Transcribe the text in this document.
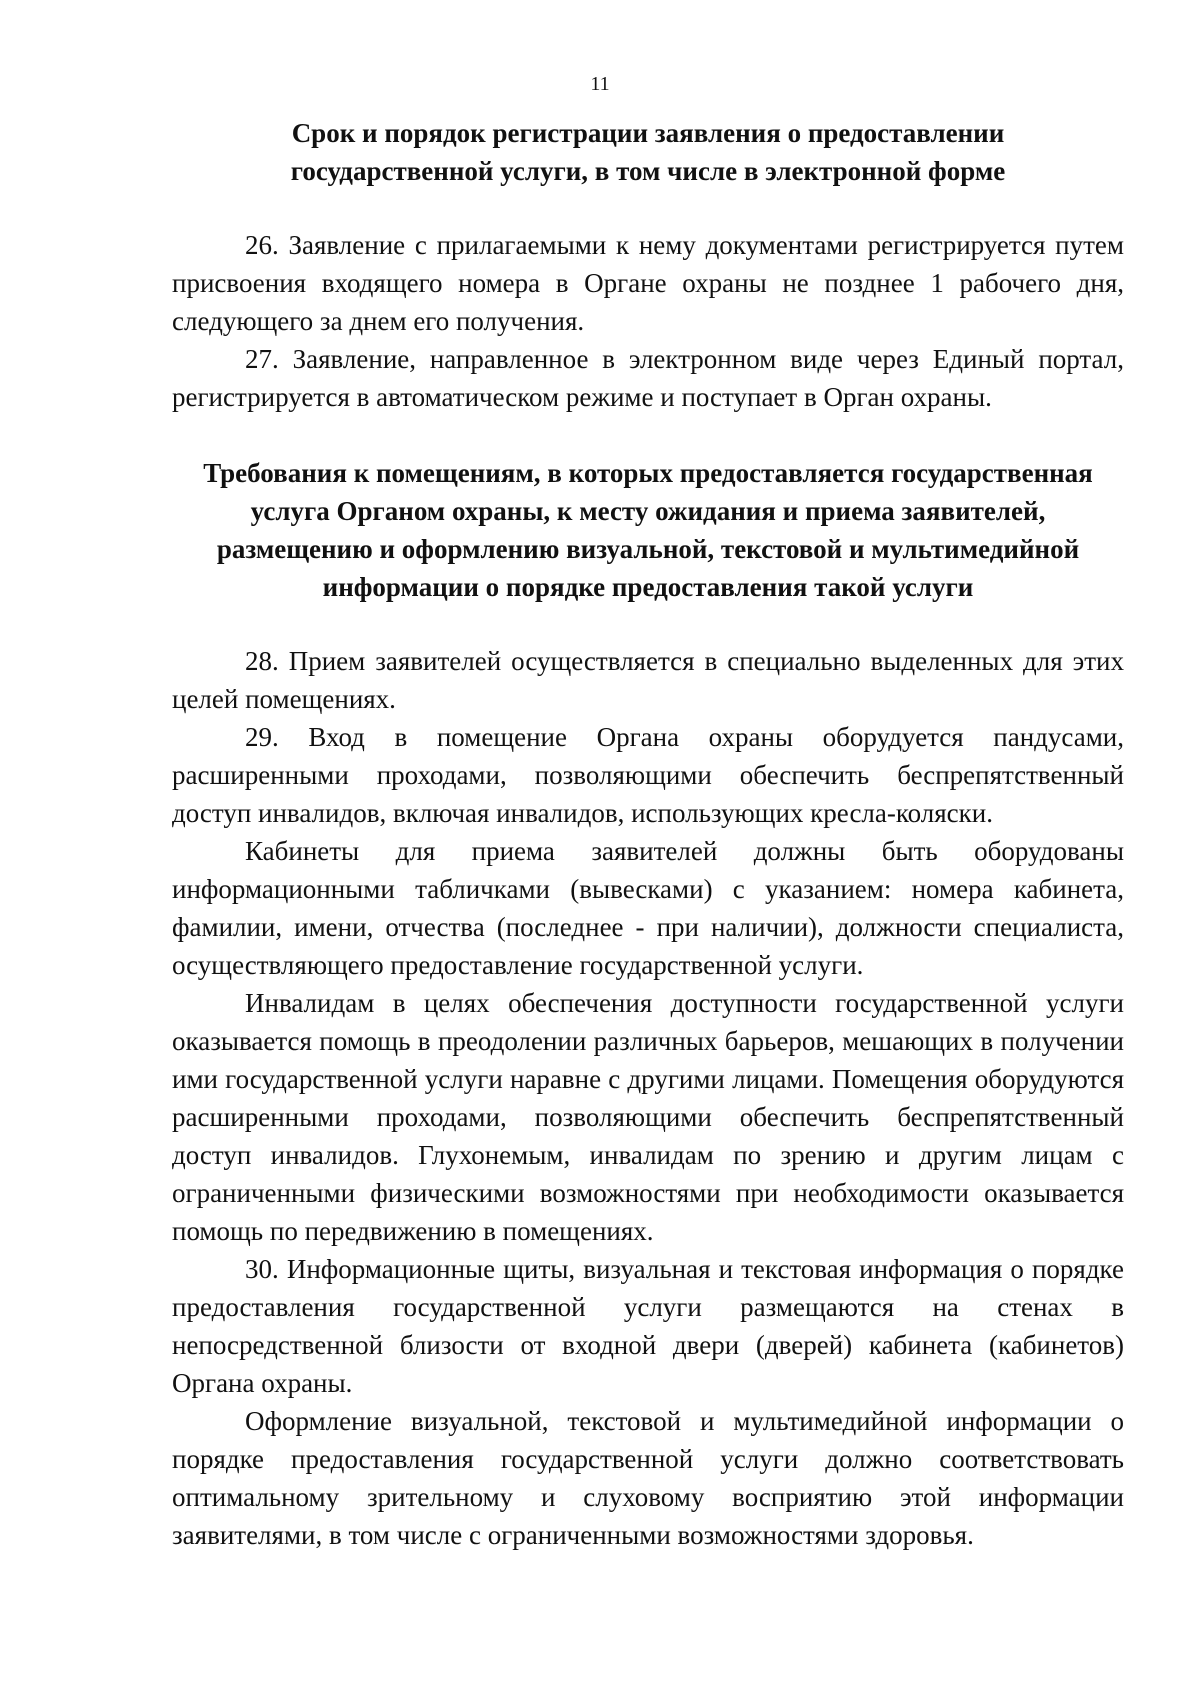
11
Срок и порядок регистрации заявления о предоставлении
государственной услуги, в том числе в электронной форме

26. Заявление с прилагаемыми к нему документами регистрируется путем присвоения входящего номера в Органе охраны не позднее 1 рабочего дня, следующего за днем его получения.

27. Заявление, направленное в электронном виде через Единый портал, регистрируется в автоматическом режиме и поступает в Орган охраны.

Требования к помещениям, в которых предоставляется государственная
услуга Органом охраны, к месту ожидания и приема заявителей,
размещению и оформлению визуальной, текстовой и мультимедийной
информации о порядке предоставления такой услуги

28. Прием заявителей осуществляется в специально выделенных для этих целей помещениях.

29. Вход в помещение Органа охраны оборудуется пандусами, расширенными проходами, позволяющими обеспечить беспрепятственный доступ инвалидов, включая инвалидов, использующих кресла-коляски.

Кабинеты для приема заявителей должны быть оборудованы информационными табличками (вывесками) с указанием: номера кабинета, фамилии, имени, отчества (последнее - при наличии), должности специалиста, осуществляющего предоставление государственной услуги.

Инвалидам в целях обеспечения доступности государственной услуги оказывается помощь в преодолении различных барьеров, мешающих в получении ими государственной услуги наравне с другими лицами. Помещения оборудуются расширенными проходами, позволяющими обеспечить беспрепятственный доступ инвалидов. Глухонемым, инвалидам по зрению и другим лицам с ограниченными физическими возможностями при необходимости оказывается помощь по передвижению в помещениях.

30. Информационные щиты, визуальная и текстовая информация о порядке предоставления государственной услуги размещаются на стенах в непосредственной близости от входной двери (дверей) кабинета (кабинетов) Органа охраны.

Оформление визуальной, текстовой и мультимедийной информации о порядке предоставления государственной услуги должно соответствовать оптимальному зрительному и слуховому восприятию этой информации заявителями, в том числе с ограниченными возможностями здоровья.
